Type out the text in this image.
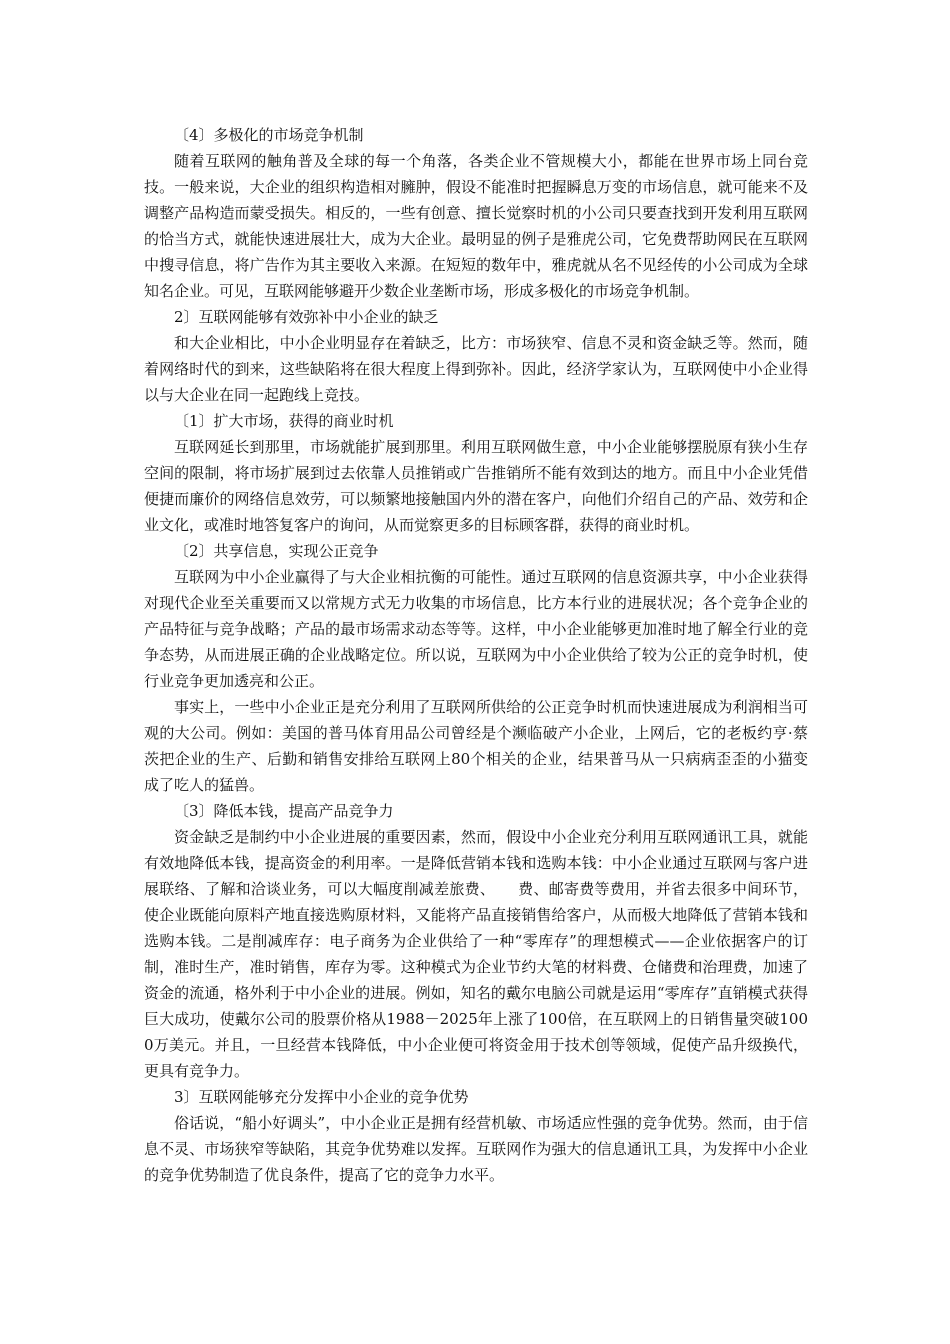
〔4〕多极化的市场竞争机制

随着互联网的触角普及全球的每一个角落，各类企业不管规模大小，都能在世界市场上同台竞技。一般来说，大企业的组织构造相对臃肿，假设不能准时把握瞬息万变的市场信息，就可能来不及调整产品构造而蒙受损失。相反的，一些有创意、擅长觉察时机的小公司只要查找到开发利用互联网的恰当方式，就能快速进展壮大，成为大企业。最明显的例子是雅虎公司，它免费帮助网民在互联网中搜寻信息，将广告作为其主要收入来源。在短短的数年中，雅虎就从名不见经传的小公司成为全球知名企业。可见，互联网能够避开少数企业垄断市场，形成多极化的市场竞争机制。

2〕互联网能够有效弥补中小企业的缺乏

和大企业相比，中小企业明显存在着缺乏，比方：市场狭窄、信息不灵和资金缺乏等。然而，随着网络时代的到来，这些缺陷将在很大程度上得到弥补。因此，经济学家认为，互联网使中小企业得以与大企业在同一起跑线上竞技。

〔1〕扩大市场，获得的商业时机

互联网延长到那里，市场就能扩展到那里。利用互联网做生意，中小企业能够摆脱原有狭小生存空间的限制，将市场扩展到过去依靠人员推销或广告推销所不能有效到达的地方。而且中小企业凭借便捷而廉价的网络信息效劳，可以频繁地接触国内外的潜在客户，向他们介绍自己的产品、效劳和企业文化，或准时地答复客户的询问，从而觉察更多的目标顾客群，获得的商业时机。

〔2〕共享信息，实现公正竞争

互联网为中小企业赢得了与大企业相抗衡的可能性。通过互联网的信息资源共享，中小企业获得对现代企业至关重要而又以常规方式无力收集的市场信息，比方本行业的进展状况；各个竞争企业的产品特征与竞争战略；产品的最市场需求动态等等。这样，中小企业能够更加准时地了解全行业的竞争态势，从而进展正确的企业战略定位。所以说，互联网为中小企业供给了较为公正的竞争时机，使行业竞争更加透亮和公正。

事实上，一些中小企业正是充分利用了互联网所供给的公正竞争时机而快速进展成为利润相当可观的大公司。例如：美国的普马体育用品公司曾经是个濒临破产小企业，上网后，它的老板约亨·蔡茨把企业的生产、后勤和销售安排给互联网上80个相关的企业，结果普马从一只病病歪歪的小猫变成了吃人的猛兽。

〔3〕降低本钱，提高产品竞争力

资金缺乏是制约中小企业进展的重要因素，然而，假设中小企业充分利用互联网通讯工具，就能有效地降低本钱，提高资金的利用率。一是降低营销本钱和选购本钱：中小企业通过互联网与客户进展联络、了解和洽谈业务，可以大幅度削减差旅费、　　费、邮寄费等费用，并省去很多中间环节，使企业既能向原料产地直接选购原材料，又能将产品直接销售给客户，从而极大地降低了营销本钱和选购本钱。二是削减库存：电子商务为企业供给了一种“零库存”的理想模式——企业依据客户的订制，准时生产，准时销售，库存为零。这种模式为企业节约大笔的材料费、仓储费和治理费，加速了资金的流通，格外利于中小企业的进展。例如，知名的戴尔电脑公司就是运用“零库存”直销模式获得巨大成功，使戴尔公司的股票价格从1988－2025年上涨了100倍，在互联网上的日销售量突破1000万美元。并且，一旦经营本钱降低，中小企业便可将资金用于技术创等领域，促使产品升级换代，更具有竞争力。

3〕互联网能够充分发挥中小企业的竞争优势

俗话说，“船小好调头”，中小企业正是拥有经营机敏、市场适应性强的竞争优势。然而，由于信息不灵、市场狭窄等缺陷，其竞争优势难以发挥。互联网作为强大的信息通讯工具，为发挥中小企业的竞争优势制造了优良条件，提高了它的竞争力水平。
